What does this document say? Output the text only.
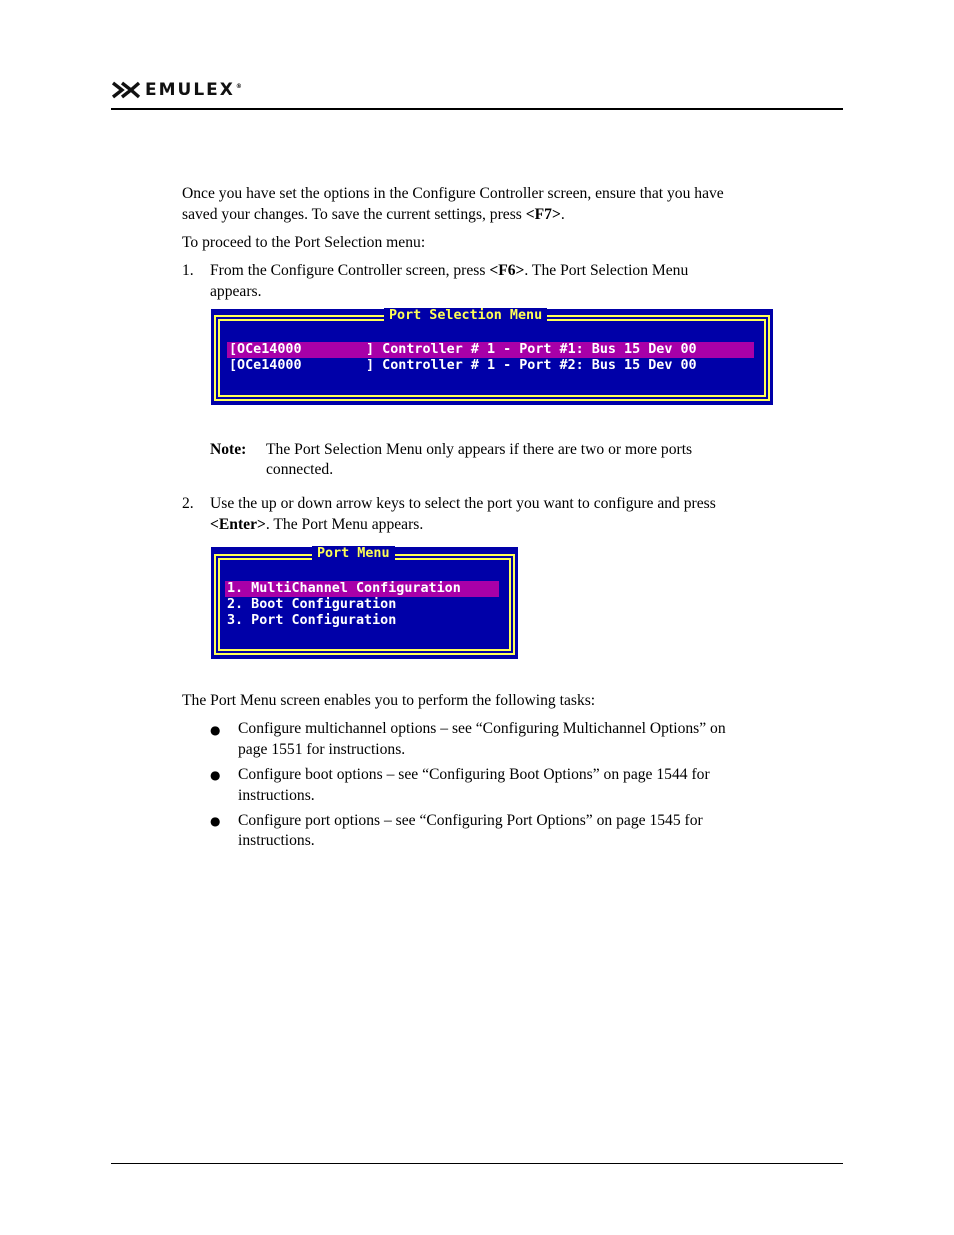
EMULEX®

Once you have set the options in the Configure Controller screen, ensure that you have

saved your changes. To save the current settings, press <F7>.

To proceed to the Port Selection menu:

1. From the Configure Controller screen, press <F6>. The Port Selection Menu

appears.

Port Selection Menu
[OCe14000        ] Controller # 1 - Port #1: Bus 15 Dev 00
[OCe14000        ] Controller # 1 - Port #2: Bus 15 Dev 00

Note: The Port Selection Menu only appears if there are two or more ports

connected.

2. Use the up or down arrow keys to select the port you want to configure and press

<Enter>. The Port Menu appears.

Port Menu
1. MultiChannel Configuration
2. Boot Configuration
3. Port Configuration

The Port Menu screen enables you to perform the following tasks:

● Configure multichannel options – see “Configuring Multichannel Options” on

page 1551 for instructions.

● Configure boot options – see “Configuring Boot Options” on page 1544 for

instructions.

● Configure port options – see “Configuring Port Options” on page 1545 for

instructions.
